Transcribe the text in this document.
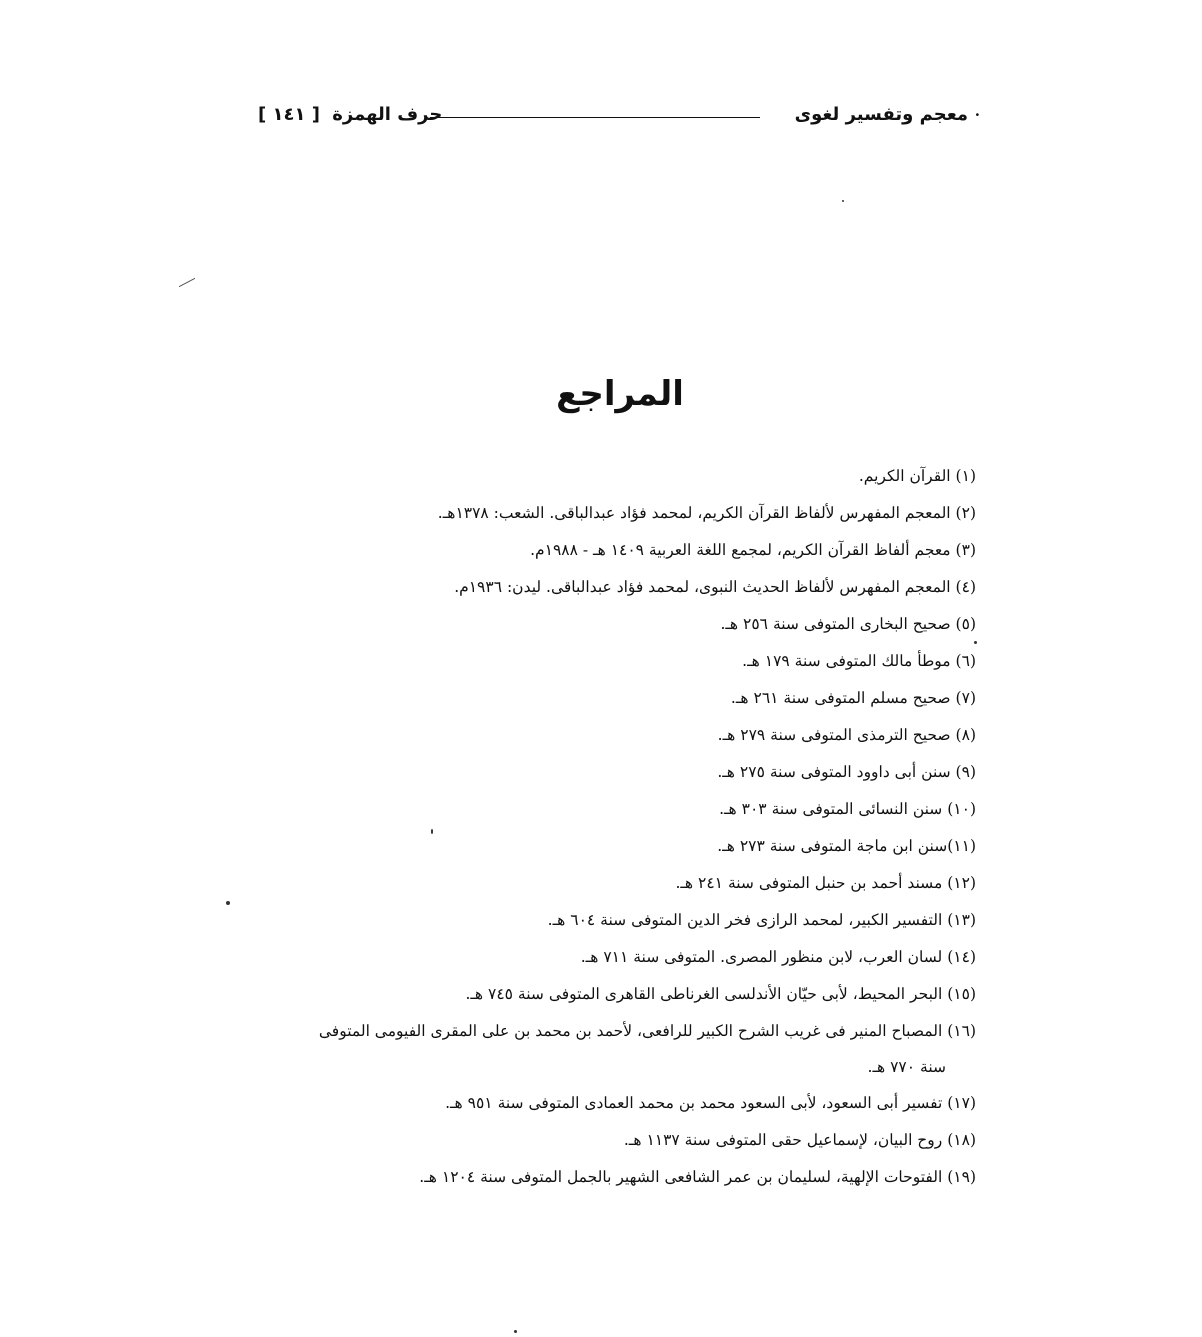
·
معجم وتفسير لغوى
حرف الهمزة [ ١٤١ ]
المراجع
(١) القرآن الكريم.
(٢) المعجم المفهرس لألفاظ القرآن الكريم، لمحمد فؤاد عبدالباقى. الشعب: ١٣٧٨هـ.
(٣) معجم ألفاظ القرآن الكريم، لمجمع اللغة العربية ١٤٠٩ هـ - ١٩٨٨م.
(٤) المعجم المفهرس لألفاظ الحديث النبوى، لمحمد فؤاد عبدالباقى. ليدن: ١٩٣٦م.
(٥) صحيح البخارى المتوفى سنة ٢٥٦ هـ.
(٦) موطأ مالك المتوفى سنة ١٧٩ هـ.
(٧) صحيح مسلم المتوفى سنة ٢٦١ هـ.
(٨) صحيح الترمذى المتوفى سنة ٢٧٩ هـ.
(٩) سنن أبى داوود المتوفى سنة ٢٧٥ هـ.
(١٠) سنن النسائى المتوفى سنة ٣٠٣ هـ.
(١١)سنن ابن ماجة المتوفى سنة ٢٧٣ هـ.
(١٢) مسند أحمد بن حنبل المتوفى سنة ٢٤١ هـ.
(١٣) التفسير الكبير، لمحمد الرازى فخر الدين المتوفى سنة ٦٠٤ هـ.
(١٤) لسان العرب، لابن منظور المصرى. المتوفى سنة ٧١١ هـ.
(١٥) البحر المحيط، لأبى حيّان الأندلسى الغرناطى القاهرى المتوفى سنة ٧٤٥ هـ.
(١٦) المصباح المنير فى غريب الشرح الكبير للرافعى، لأحمد بن محمد بن على المقرى الفيومى المتوفى
سنة ٧٧٠ هـ.
(١٧) تفسير أبى السعود، لأبى السعود محمد بن محمد العمادى المتوفى سنة ٩٥١ هـ.
(١٨) روح البيان، لإسماعيل حقى المتوفى سنة ١١٣٧ هـ.
(١٩) الفتوحات الإلهية، لسليمان بن عمر الشافعى الشهير بالجمل المتوفى سنة ١٢٠٤ هـ.
